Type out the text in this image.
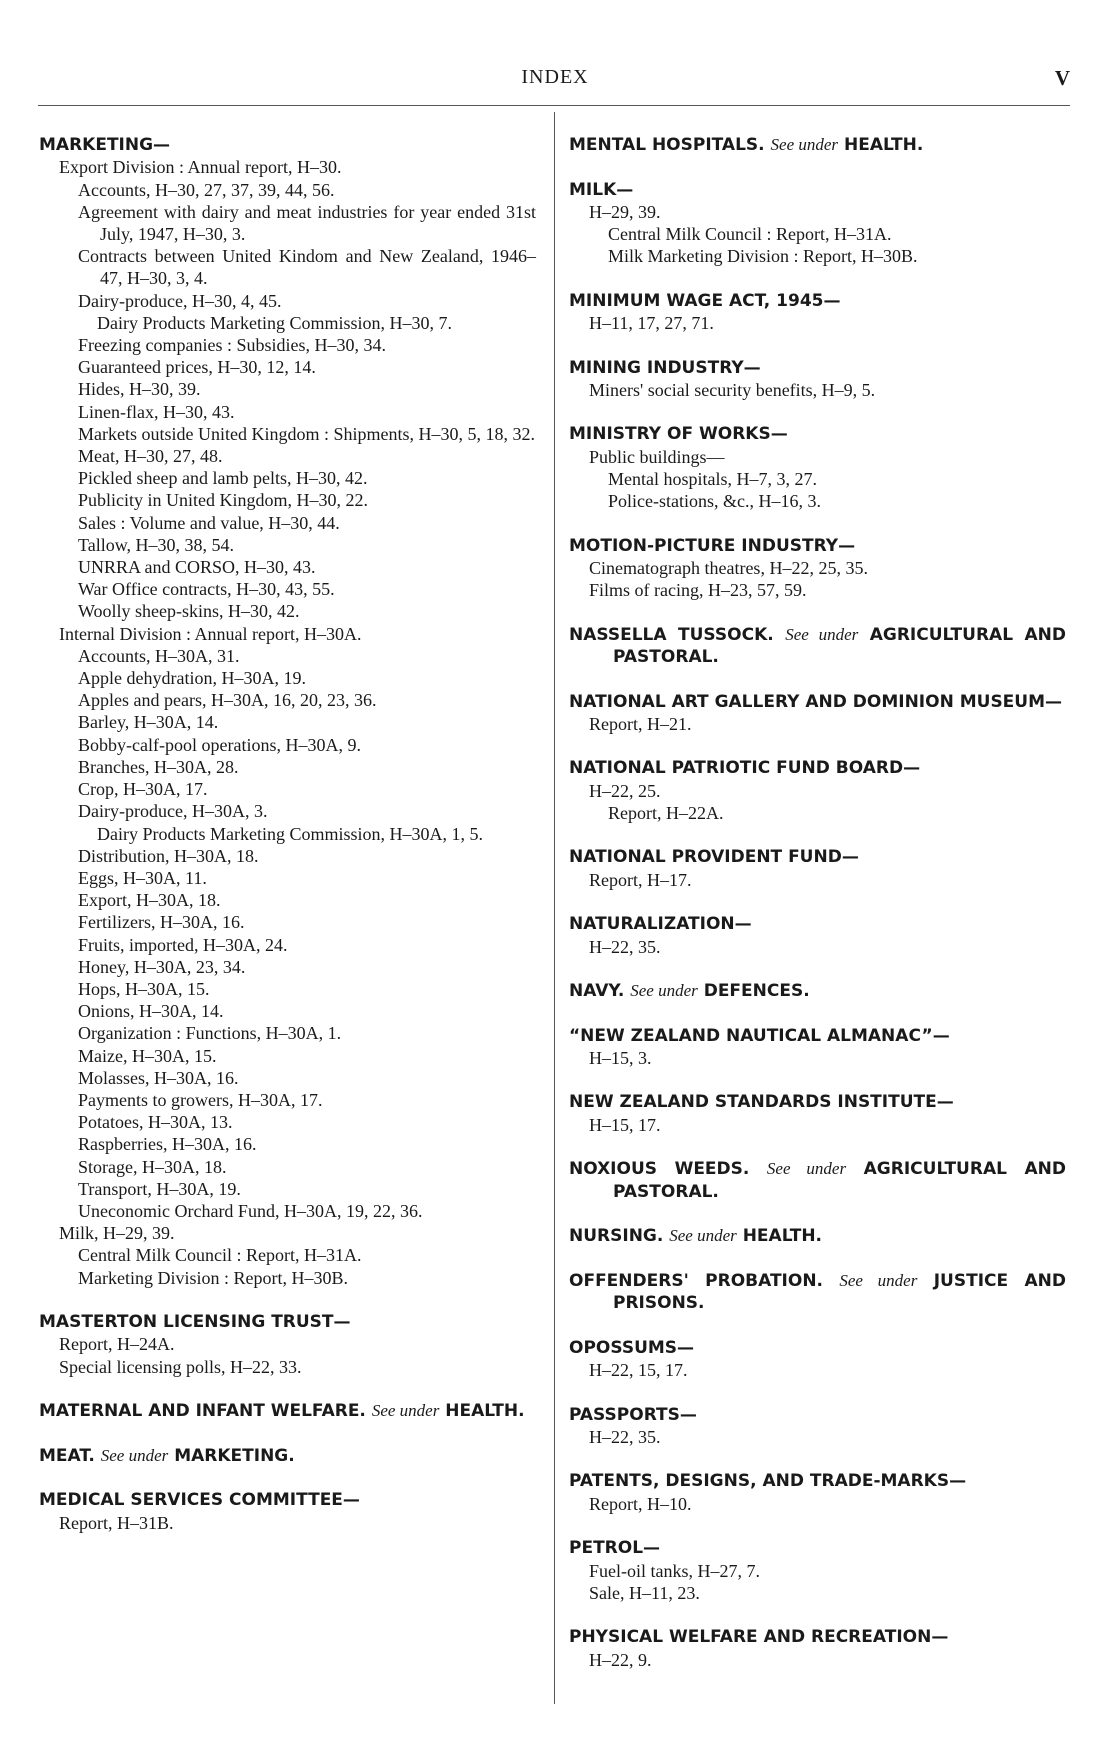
INDEX	V
MARKETING—
Export Division : Annual report, H–30.
Accounts, H–30, 27, 37, 39, 44, 56.
Agreement with dairy and meat industries for year ended 31st July, 1947, H–30, 3.
Contracts between United Kindom and New Zealand, 1946–47, H–30, 3, 4.
Dairy-produce, H–30, 4, 45.
Dairy Products Marketing Commission, H–30, 7.
Freezing companies : Subsidies, H–30, 34.
Guaranteed prices, H–30, 12, 14.
Hides, H–30, 39.
Linen-flax, H–30, 43.
Markets outside United Kingdom : Shipments, H–30, 5, 18, 32.
Meat, H–30, 27, 48.
Pickled sheep and lamb pelts, H–30, 42.
Publicity in United Kingdom, H–30, 22.
Sales : Volume and value, H–30, 44.
Tallow, H–30, 38, 54.
UNRRA and CORSO, H–30, 43.
War Office contracts, H–30, 43, 55.
Woolly sheep-skins, H–30, 42.
Internal Division : Annual report, H–30A.
Accounts, H–30A, 31.
Apple dehydration, H–30A, 19.
Apples and pears, H–30A, 16, 20, 23, 36.
Barley, H–30A, 14.
Bobby-calf-pool operations, H–30A, 9.
Branches, H–30A, 28.
Crop, H–30A, 17.
Dairy-produce, H–30A, 3.
Dairy Products Marketing Commission, H–30A, 1, 5.
Distribution, H–30A, 18.
Eggs, H–30A, 11.
Export, H–30A, 18.
Fertilizers, H–30A, 16.
Fruits, imported, H–30A, 24.
Honey, H–30A, 23, 34.
Hops, H–30A, 15.
Onions, H–30A, 14.
Organization : Functions, H–30A, 1.
Maize, H–30A, 15.
Molasses, H–30A, 16.
Payments to growers, H–30A, 17.
Potatoes, H–30A, 13.
Raspberries, H–30A, 16.
Storage, H–30A, 18.
Transport, H–30A, 19.
Uneconomic Orchard Fund, H–30A, 19, 22, 36.
Milk, H–29, 39.
Central Milk Council : Report, H–31A.
Marketing Division : Report, H–30B.
MASTERTON LICENSING TRUST—
Report, H–24A.
Special licensing polls, H–22, 33.
MATERNAL AND INFANT WELFARE. See under HEALTH.
MEAT. See under MARKETING.
MEDICAL SERVICES COMMITTEE—
Report, H–31B.
MENTAL HOSPITALS. See under HEALTH.
MILK—
H–29, 39.
Central Milk Council : Report, H–31A.
Milk Marketing Division : Report, H–30B.
MINIMUM WAGE ACT, 1945—
H–11, 17, 27, 71.
MINING INDUSTRY—
Miners' social security benefits, H–9, 5.
MINISTRY OF WORKS—
Public buildings—
Mental hospitals, H–7, 3, 27.
Police-stations, &c., H–16, 3.
MOTION-PICTURE INDUSTRY—
Cinematograph theatres, H–22, 25, 35.
Films of racing, H–23, 57, 59.
NASSELLA TUSSOCK. See under AGRICULTURAL AND PASTORAL.
NATIONAL ART GALLERY AND DOMINION MUSEUM—
Report, H–21.
NATIONAL PATRIOTIC FUND BOARD—
H–22, 25.
Report, H–22A.
NATIONAL PROVIDENT FUND—
Report, H–17.
NATURALIZATION—
H–22, 35.
NAVY. See under DEFENCES.
“NEW ZEALAND NAUTICAL ALMANAC”—
H–15, 3.
NEW ZEALAND STANDARDS INSTITUTE—
H–15, 17.
NOXIOUS WEEDS. See under AGRICULTURAL AND PASTORAL.
NURSING. See under HEALTH.
OFFENDERS' PROBATION. See under JUSTICE AND PRISONS.
OPOSSUMS—
H–22, 15, 17.
PASSPORTS—
H–22, 35.
PATENTS, DESIGNS, AND TRADE-MARKS—
Report, H–10.
PETROL—
Fuel-oil tanks, H–27, 7.
Sale, H–11, 23.
PHYSICAL WELFARE AND RECREATION—
H–22, 9.
